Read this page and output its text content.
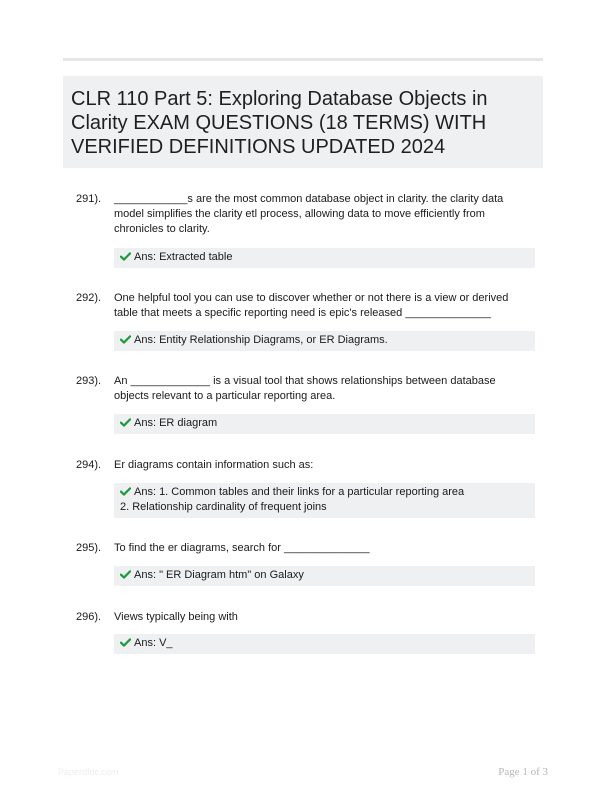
CLR 110 Part 5: Exploring Database Objects in Clarity EXAM QUESTIONS (18 TERMS) WITH VERIFIED DEFINITIONS UPDATED 2024
291). ____________s are the most common database object in clarity. the clarity data model simplifies the clarity etl process, allowing data to move efficiently from chronicles to clarity.
Ans: Extracted table
292). One helpful tool you can use to discover whether or not there is a view or derived table that meets a specific reporting need is epic's released ______________
Ans: Entity Relationship Diagrams, or ER Diagrams.
293). An _____________ is a visual tool that shows relationships between database objects relevant to a particular reporting area.
Ans: ER diagram
294). Er diagrams contain information such as:
Ans: 1. Common tables and their links for a particular reporting area
2. Relationship cardinality of frequent joins
295). To find the er diagrams, search for ______________
Ans: " ER Diagram htm" on Galaxy
296). Views typically being with
Ans: V_
Paperdfdc.com	Page 1 of 3
